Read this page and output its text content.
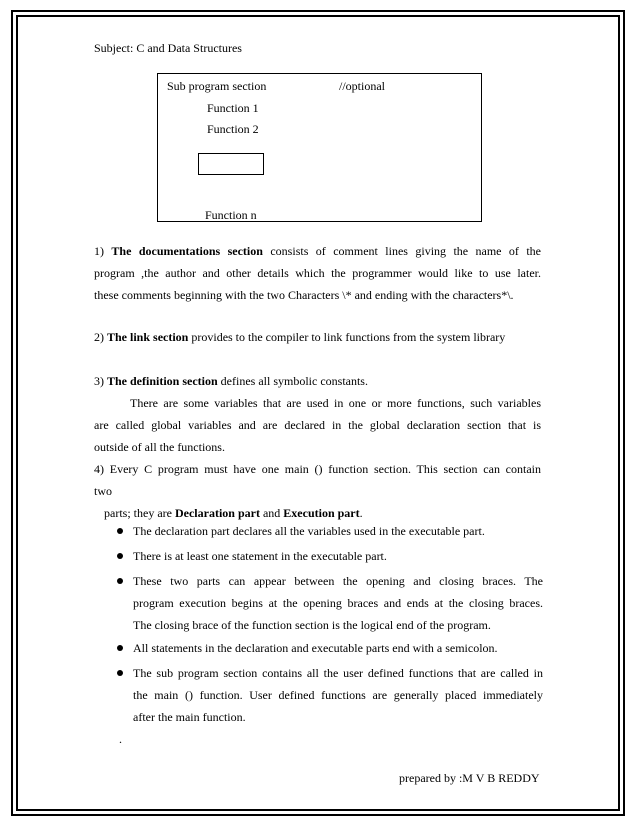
Subject: C and Data Structures
Sub program section	//optional
Function 1
Function 2
Function n
1) The documentations section consists of comment lines giving the name of the
program ,the author and other details which the programmer would like to use later.
these comments beginning with the two Characters \* and ending with the characters*\.
2) The link section provides to the compiler to link functions from the system library
3) The definition section defines all symbolic constants.
There are some variables that are used in one or more functions, such variables
are called global variables and are declared in the global declaration section that is
outside of all the functions.
4) Every C program must have one main () function section. This section can contain
two
parts; they are Declaration part and Execution part.
The declaration part declares all the variables used in the executable part.
There is at least one statement in the executable part.
These two parts can appear between the opening and closing braces. The
program execution begins at the opening braces and ends at the closing braces.
The closing brace of the function section is the logical end of the program.
All statements in the declaration and executable parts end with a semicolon.
The sub program section contains all the user defined functions that are called in
the main () function. User defined functions are generally placed immediately
after the main function.
.
prepared by :M V B REDDY
